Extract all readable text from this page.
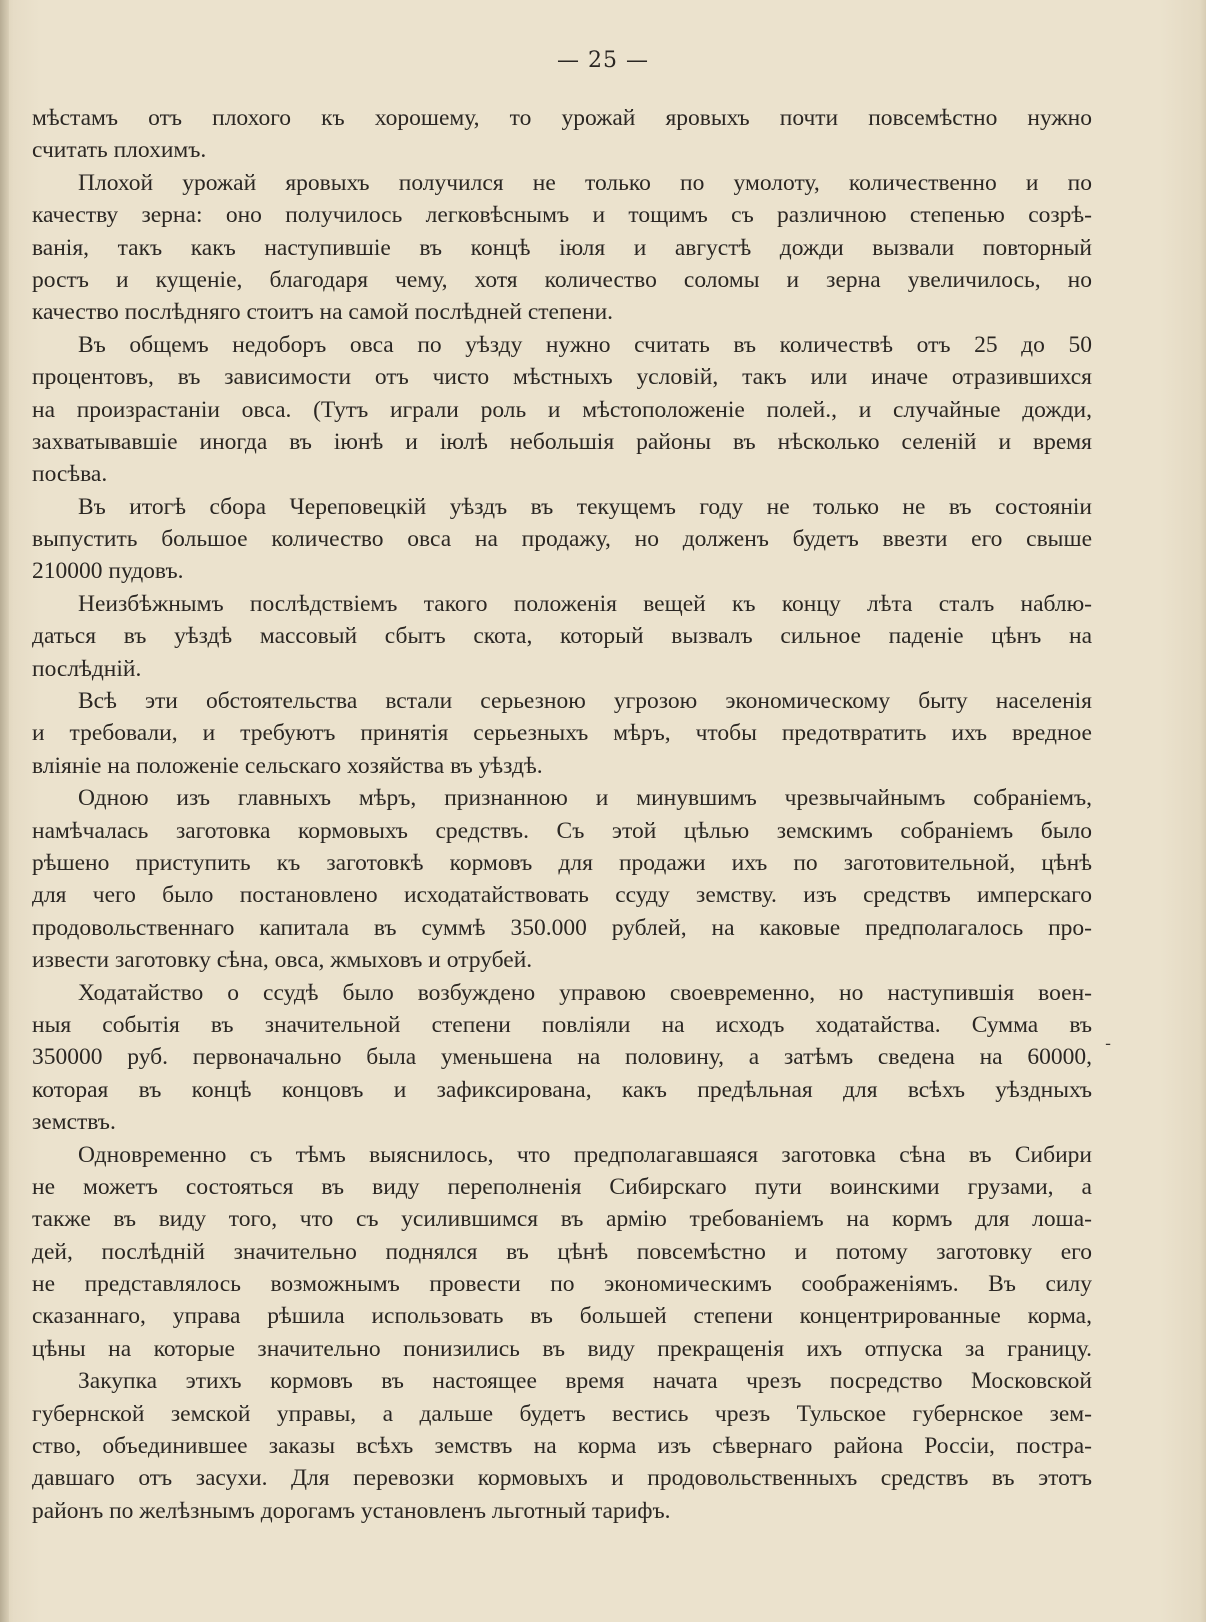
— 25 —
мѣстамъ отъ плохого къ хорошему, то урожай яровыхъ почти повсемѣстно нужно
считать плохимъ.
Плохой урожай яровыхъ получился не только по умолоту, количественно и по
качеству зерна: оно получилось легковѣснымъ и тощимъ съ различною степенью созрѣ-
ванія, такъ какъ наступившіе въ концѣ іюля и августѣ дожди вызвали повторный
ростъ и кущеніе, благодаря чему, хотя количество соломы и зерна увеличилось, но
качество послѣдняго стоитъ на самой послѣдней степени.
Въ общемъ недоборъ овса по уѣзду нужно считать въ количествѣ отъ 25 до 50
процентовъ, въ зависимости отъ чисто мѣстныхъ условій, такъ или иначе отразившихся
на произрастаніи овса. (Тутъ играли роль и мѣстоположеніе полей., и случайные дожди,
захватывавшіе иногда въ іюнѣ и іюлѣ небольшія районы въ нѣсколько селеній и время
посѣва.
Въ итогѣ сбора Череповецкій уѣздъ въ текущемъ году не только не въ состояніи
выпустить большое количество овса на продажу, но долженъ будетъ ввезти его свыше
210000 пудовъ.
Неизбѣжнымъ послѣдствіемъ такого положенія вещей къ концу лѣта сталъ наблю-
даться въ уѣздѣ массовый сбытъ скота, который вызвалъ сильное паденіе цѣнъ на
послѣдній.
Всѣ эти обстоятельства встали серьезною угрозою экономическому быту населенія
и требовали, и требуютъ принятія серьезныхъ мѣръ, чтобы предотвратить ихъ вредное
вліяніе на положеніе сельскаго хозяйства въ уѣздѣ.
Одною изъ главныхъ мѣръ, признанною и минувшимъ чрезвычайнымъ собраніемъ,
намѣчалась заготовка кормовыхъ средствъ. Съ этой цѣлью земскимъ собраніемъ было
рѣшено приступить къ заготовкѣ кормовъ для продажи ихъ по заготовительной, цѣнѣ
для чего было постановлено исходатайствовать ссуду земству. изъ средствъ имперскаго
продовольственнаго капитала въ суммѣ 350.000 рублей, на каковые предполагалось про-
извести заготовку сѣна, овса, жмыховъ и отрубей.
Ходатайство о ссудѣ было возбуждено управою своевременно, но наступившія воен-
ныя событія въ значительной степени повліяли на исходъ ходатайства. Сумма въ
350000 руб. первоначально была уменьшена на половину, а затѣмъ сведена на 60000,
которая въ концѣ концовъ и зафиксирована, какъ предѣльная для всѣхъ уѣздныхъ
земствъ.
Одновременно съ тѣмъ выяснилось, что предполагавшаяся заготовка сѣна въ Сибири
не можетъ состояться въ виду переполненія Сибирскаго пути воинскими грузами, а
также въ виду того, что съ усилившимся въ армію требованіемъ на кормъ для лоша-
дей, послѣдній значительно поднялся въ цѣнѣ повсемѣстно и потому заготовку его
не представлялось возможнымъ провести по экономическимъ соображеніямъ. Въ силу
сказаннаго, управа рѣшила использовать въ большей степени концентрированные корма,
цѣны на которые значительно понизились въ виду прекращенія ихъ отпуска за границу.
Закупка этихъ кормовъ въ настоящее время начата чрезъ посредство Московской
губернской земской управы, а дальше будетъ вестись чрезъ Тульское губернское зем-
ство, объединившее заказы всѣхъ земствъ на корма изъ сѣвернаго района Россіи, постра-
давшаго отъ засухи. Для перевозки кормовыхъ и продовольственныхъ средствъ въ этотъ
районъ по желѣзнымъ дорогамъ установленъ льготный тарифъ.
ـ
